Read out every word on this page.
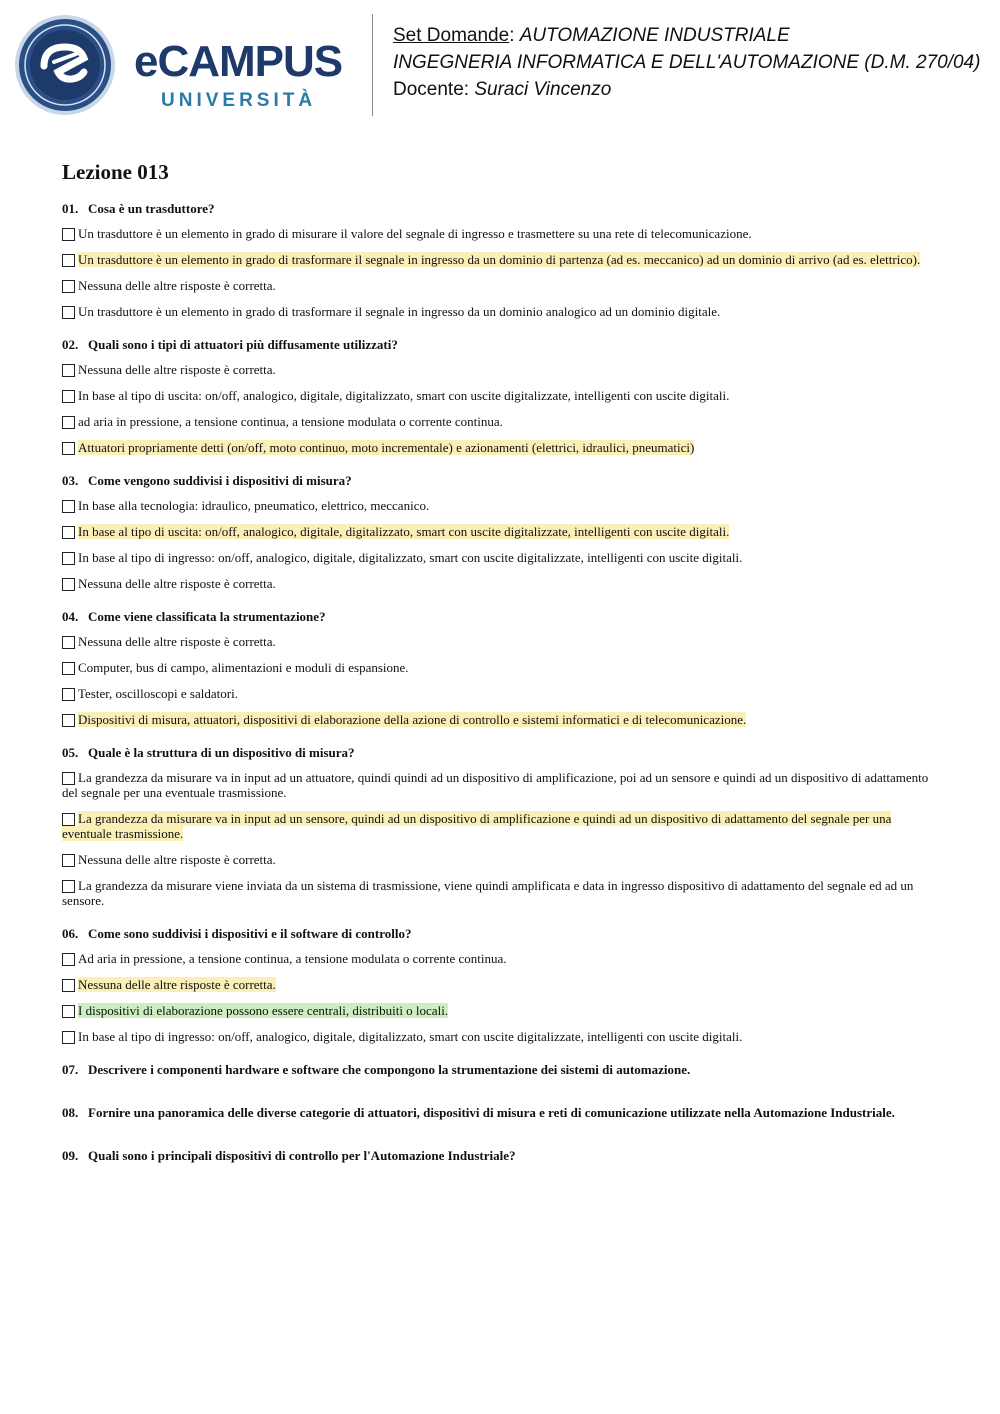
eCAMPUS
UNIVERSITÀ
Set Domande: AUTOMAZIONE INDUSTRIALE
INGEGNERIA INFORMATICA E DELL'AUTOMAZIONE (D.M. 270/04)
Docente: Suraci Vincenzo
Lezione 013
01. Cosa è un trasduttore?
Un trasduttore è un elemento in grado di misurare il valore del segnale di ingresso e trasmettere su una rete di telecomunicazione.
Un trasduttore è un elemento in grado di trasformare il segnale in ingresso da un dominio di partenza (ad es. meccanico) ad un dominio di arrivo (ad es. elettrico).
Nessuna delle altre risposte è corretta.
Un trasduttore è un elemento in grado di trasformare il segnale in ingresso da un dominio analogico ad un dominio digitale.
02. Quali sono i tipi di attuatori più diffusamente utilizzati?
Nessuna delle altre risposte è corretta.
In base al tipo di uscita: on/off, analogico, digitale, digitalizzato, smart con uscite digitalizzate, intelligenti con uscite digitali.
ad aria in pressione, a tensione continua, a tensione modulata o corrente continua.
Attuatori propriamente detti (on/off, moto continuo, moto incrementale) e azionamenti (elettrici, idraulici, pneumatici)
03. Come vengono suddivisi i dispositivi di misura?
In base alla tecnologia: idraulico, pneumatico, elettrico, meccanico.
In base al tipo di uscita: on/off, analogico, digitale, digitalizzato, smart con uscite digitalizzate, intelligenti con uscite digitali.
In base al tipo di ingresso: on/off, analogico, digitale, digitalizzato, smart con uscite digitalizzate, intelligenti con uscite digitali.
Nessuna delle altre risposte è corretta.
04. Come viene classificata la strumentazione?
Nessuna delle altre risposte è corretta.
Computer, bus di campo, alimentazioni e moduli di espansione.
Tester, oscilloscopi e saldatori.
Dispositivi di misura, attuatori, dispositivi di elaborazione della azione di controllo e sistemi informatici e di telecomunicazione.
05. Quale è la struttura di un dispositivo di misura?
La grandezza da misurare va in input ad un attuatore, quindi quindi ad un dispositivo di amplificazione, poi ad un sensore e quindi ad un dispositivo di adattamento del segnale per una eventuale trasmissione.
La grandezza da misurare va in input ad un sensore, quindi ad un dispositivo di amplificazione e quindi ad un dispositivo di adattamento del segnale per una eventuale trasmissione.
Nessuna delle altre risposte è corretta.
La grandezza da misurare viene inviata da un sistema di trasmissione, viene quindi amplificata e data in ingresso dispositivo di adattamento del segnale ed ad un sensore.
06. Come sono suddivisi i dispositivi e il software di controllo?
Ad aria in pressione, a tensione continua, a tensione modulata o corrente continua.
Nessuna delle altre risposte è corretta.
I dispositivi di elaborazione possono essere centrali, distribuiti o locali.
In base al tipo di ingresso: on/off, analogico, digitale, digitalizzato, smart con uscite digitalizzate, intelligenti con uscite digitali.
07. Descrivere i componenti hardware e software che compongono la strumentazione dei sistemi di automazione.
08. Fornire una panoramica delle diverse categorie di attuatori, dispositivi di misura e reti di comunicazione utilizzate nella Automazione Industriale.
09. Quali sono i principali dispositivi di controllo per l'Automazione Industriale?
